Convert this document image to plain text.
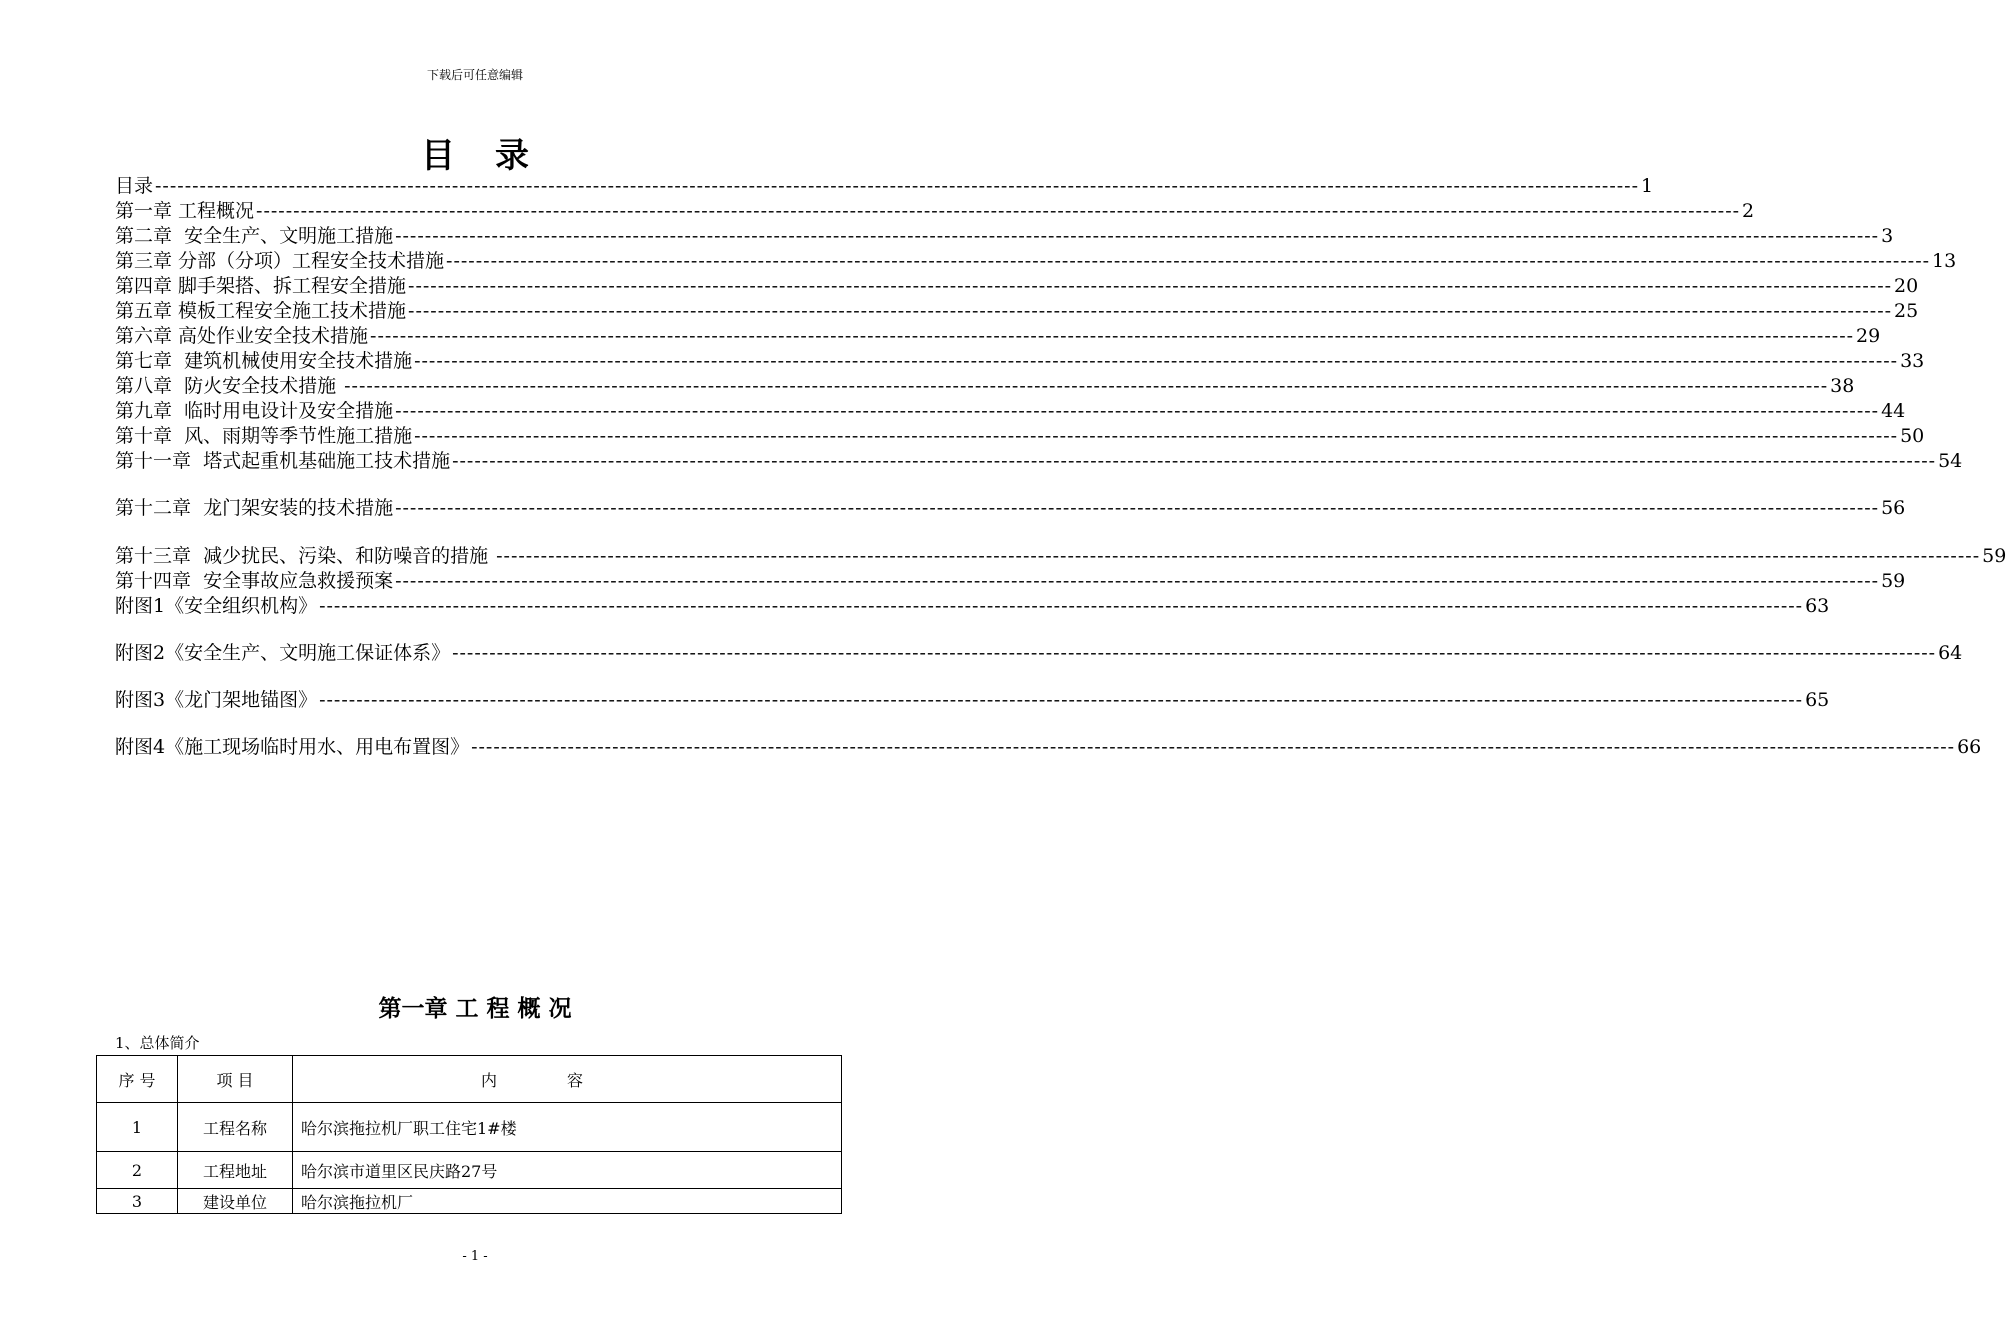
下载后可任意编辑
目录
目录 -------------------------------------------------------------------------------------------------------------------------------------------------------------------------------------------------------- 1
第一章 工程概况 -------------------------------------------------------------------------------------------------------------------------------------------------------------------------------------------------------- 2
第二章  安全生产、文明施工措施 -------------------------------------------------------------------------------------------------------------------------------------------------------------------------------------------------------- 3
第三章 分部（分项）工程安全技术措施 -------------------------------------------------------------------------------------------------------------------------------------------------------------------------------------------------------- 13
第四章 脚手架搭、拆工程安全措施 -------------------------------------------------------------------------------------------------------------------------------------------------------------------------------------------------------- 20
第五章 模板工程安全施工技术措施 -------------------------------------------------------------------------------------------------------------------------------------------------------------------------------------------------------- 25
第六章 高处作业安全技术措施 -------------------------------------------------------------------------------------------------------------------------------------------------------------------------------------------------------- 29
第七章  建筑机械使用安全技术措施 -------------------------------------------------------------------------------------------------------------------------------------------------------------------------------------------------------- 33
第八章  防火安全技术措施 -------------------------------------------------------------------------------------------------------------------------------------------------------------------------------------------------------- 38
第九章  临时用电设计及安全措施 -------------------------------------------------------------------------------------------------------------------------------------------------------------------------------------------------------- 44
第十章  风、雨期等季节性施工措施 -------------------------------------------------------------------------------------------------------------------------------------------------------------------------------------------------------- 50
第十一章  塔式起重机基础施工技术措施 -------------------------------------------------------------------------------------------------------------------------------------------------------------------------------------------------------- 54
第十二章  龙门架安装的技术措施 -------------------------------------------------------------------------------------------------------------------------------------------------------------------------------------------------------- 56
第十三章  减少扰民、污染、和防噪音的措施 -------------------------------------------------------------------------------------------------------------------------------------------------------------------------------------------------------- 59
第十四章  安全事故应急救援预案 -------------------------------------------------------------------------------------------------------------------------------------------------------------------------------------------------------- 59
附图1《安全组织机构》 -------------------------------------------------------------------------------------------------------------------------------------------------------------------------------------------------------- 63
附图2《安全生产、文明施工保证体系》 -------------------------------------------------------------------------------------------------------------------------------------------------------------------------------------------------------- 64
附图3《龙门架地锚图》 -------------------------------------------------------------------------------------------------------------------------------------------------------------------------------------------------------- 65
附图4《施工现场临时用水、用电布置图》 -------------------------------------------------------------------------------------------------------------------------------------------------------------------------------------------------------- 66
第一章 工 程 概 况
1、总体简介
序 号	项 目	内容
1	工程名称	哈尔滨拖拉机厂职工住宅1#楼
2	工程地址	哈尔滨市道里区民庆路27号
3	建设单位	哈尔滨拖拉机厂
- 1 -
